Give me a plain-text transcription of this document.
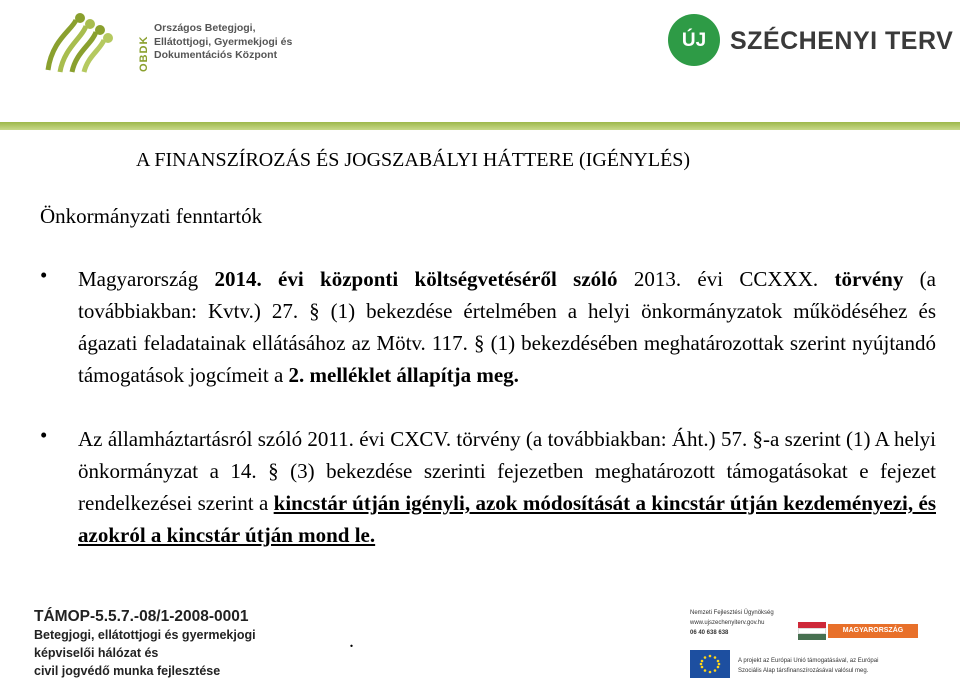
OBDK
Országos Betegjogi,
Ellátottjogi, Gyermekjogi és
Dokumentációs Központ
ÚJ SZÉCHENYI TERV
A FINANSZÍROZÁS ÉS JOGSZABÁLYI HÁTTERE (IGÉNYLÉS)
Önkormányzati fenntartók
• Magyarország 2014. évi központi költségvetéséről szóló 2013. évi CCXXX. törvény (a továbbiakban: Kvtv.) 27. § (1) bekezdése értelmében a helyi önkormányzatok működéséhez és ágazati feladatainak ellátásához az Mötv. 117. § (1) bekezdésében meghatározottak szerint nyújtandó támogatások jogcímeit a 2. melléklet állapítja meg.
• Az államháztartásról szóló 2011. évi CXCV. törvény (a továbbiakban: Áht.) 57. §-a szerint (1) A helyi önkormányzat a 14. § (3) bekezdése szerinti fejezetben meghatározott támogatásokat e fejezet rendelkezései szerint a kincstár útján igényli, azok módosítását a kincstár útján kezdeményezi, és azokról a kincstár útján mond le.
TÁMOP-5.5.7.-08/1-2008-0001
Betegjogi, ellátottjogi és gyermekjogi
képviselői hálózat és
civil jogvédő munka fejlesztése
.
Nemzeti Fejlesztési Ügynökség
www.ujszechenyiterv.gov.hu
06 40 638 638	MAGYARORSZÁG MEGÚJUL
A projekt az Európai Unió támogatásával, az Európai
Szociális Alap társfinanszírozásával valósul meg.
